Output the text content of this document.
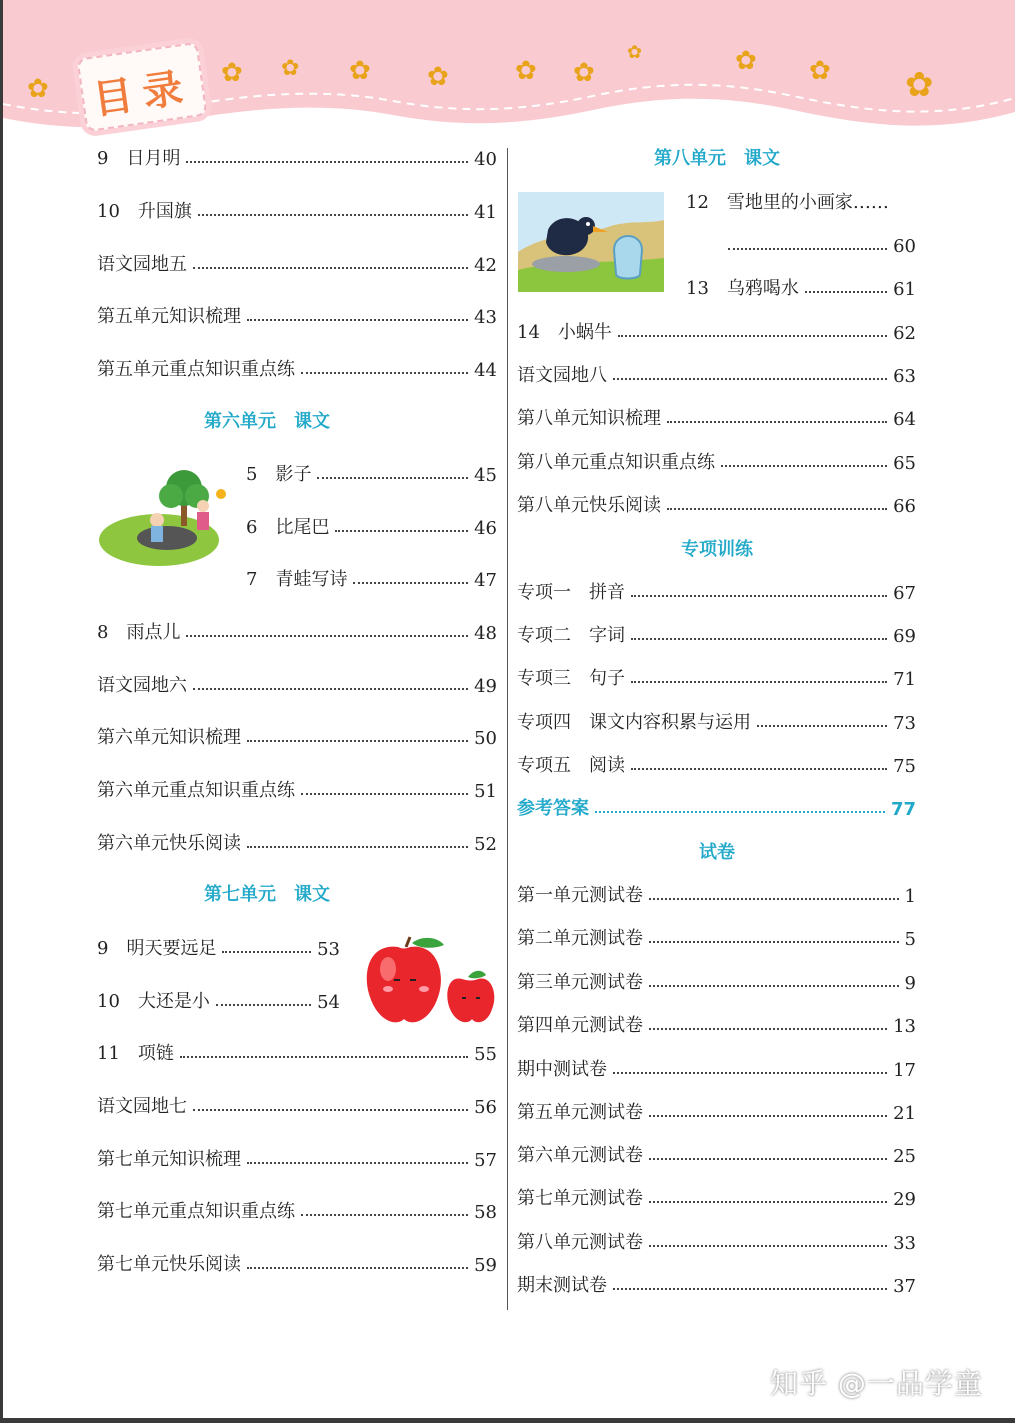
目录
✿
✿ ✿ ✿ ✿	✿ ✿
✿	✿ ✿ ✿
9　日月明	40
10　升国旗	41
语文园地五	42
第五单元知识梳理	43
第五单元重点知识重点练	44
第六单元　课文
5　影子	45
6　比尾巴	46
7　青蛙写诗	47
8　雨点儿	48
语文园地六	49
第六单元知识梳理	50
第六单元重点知识重点练	51
第六单元快乐阅读	52
第七单元　课文
9　明天要远足	53
10　大还是小	54
11　项链	55
语文园地七	56
第七单元知识梳理	57
第七单元重点知识重点练	58
第七单元快乐阅读	59
第八单元　课文
12　雪地里的小画家……
60
13　乌鸦喝水	61
14　小蜗牛	62
语文园地八	63
第八单元知识梳理	64
第八单元重点知识重点练	65
第八单元快乐阅读	66
专项训练
专项一　拼音	67
专项二　字词	69
专项三　句子	71
专项四　课文内容积累与运用	73
专项五　阅读	75
参考答案	77
试卷
第一单元测试卷	1
第二单元测试卷	5
第三单元测试卷	9
第四单元测试卷	13
期中测试卷	17
第五单元测试卷	21
第六单元测试卷	25
第七单元测试卷	29
第八单元测试卷	33
期末测试卷	37
知乎 @一品学童
